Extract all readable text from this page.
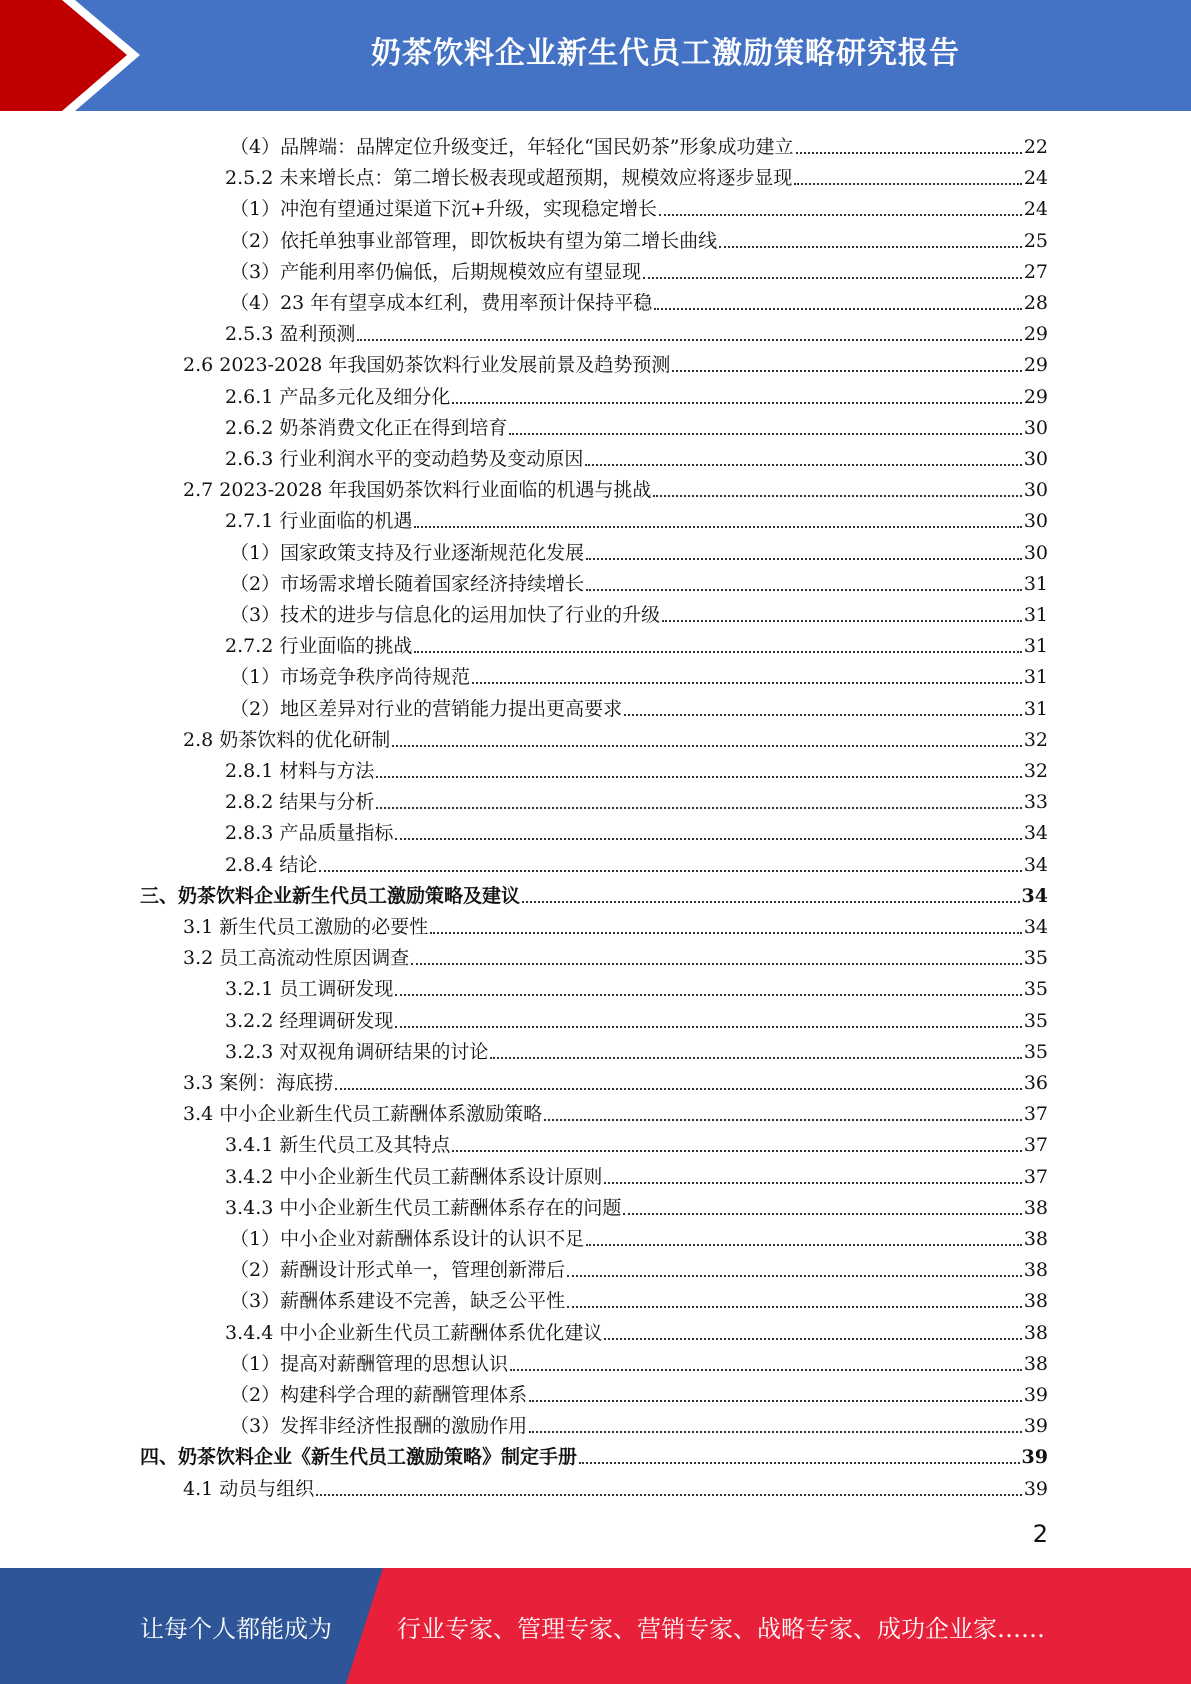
奶茶饮料企业新生代员工激励策略研究报告
（4）品牌端：品牌定位升级变迁，年轻化“国民奶茶”形象成功建立	22
2.5.2 未来增长点：第二增长极表现或超预期，规模效应将逐步显现	24
（1）冲泡有望通过渠道下沉+升级，实现稳定增长	24
（2）依托单独事业部管理，即饮板块有望为第二增长曲线	25
（3）产能利用率仍偏低，后期规模效应有望显现	27
（4）23 年有望享成本红利，费用率预计保持平稳	28
2.5.3 盈利预测	29
2.6 2023-2028 年我国奶茶饮料行业发展前景及趋势预测	29
2.6.1 产品多元化及细分化	29
2.6.2 奶茶消费文化正在得到培育	30
2.6.3 行业利润水平的变动趋势及变动原因	30
2.7 2023-2028 年我国奶茶饮料行业面临的机遇与挑战	30
2.7.1 行业面临的机遇	30
（1）国家政策支持及行业逐渐规范化发展	30
（2）市场需求增长随着国家经济持续增长	31
（3）技术的进步与信息化的运用加快了行业的升级	31
2.7.2 行业面临的挑战	31
（1）市场竞争秩序尚待规范	31
（2）地区差异对行业的营销能力提出更高要求	31
2.8 奶茶饮料的优化研制	32
2.8.1 材料与方法	32
2.8.2 结果与分析	33
2.8.3 产品质量指标	34
2.8.4 结论	34
三、奶茶饮料企业新生代员工激励策略及建议	34
3.1 新生代员工激励的必要性	34
3.2 员工高流动性原因调查	35
3.2.1 员工调研发现	35
3.2.2 经理调研发现	35
3.2.3 对双视角调研结果的讨论	35
3.3 案例：海底捞	36
3.4 中小企业新生代员工薪酬体系激励策略	37
3.4.1 新生代员工及其特点	37
3.4.2 中小企业新生代员工薪酬体系设计原则	37
3.4.3 中小企业新生代员工薪酬体系存在的问题	38
（1）中小企业对薪酬体系设计的认识不足	38
（2）薪酬设计形式单一，管理创新滞后	38
（3）薪酬体系建设不完善，缺乏公平性	38
3.4.4 中小企业新生代员工薪酬体系优化建议	38
（1）提高对薪酬管理的思想认识	38
（2）构建科学合理的薪酬管理体系	39
（3）发挥非经济性报酬的激励作用	39
四、奶茶饮料企业《新生代员工激励策略》制定手册	39
4.1 动员与组织	39
2
让每个人都能成为	行业专家、管理专家、营销专家、战略专家、成功企业家……
